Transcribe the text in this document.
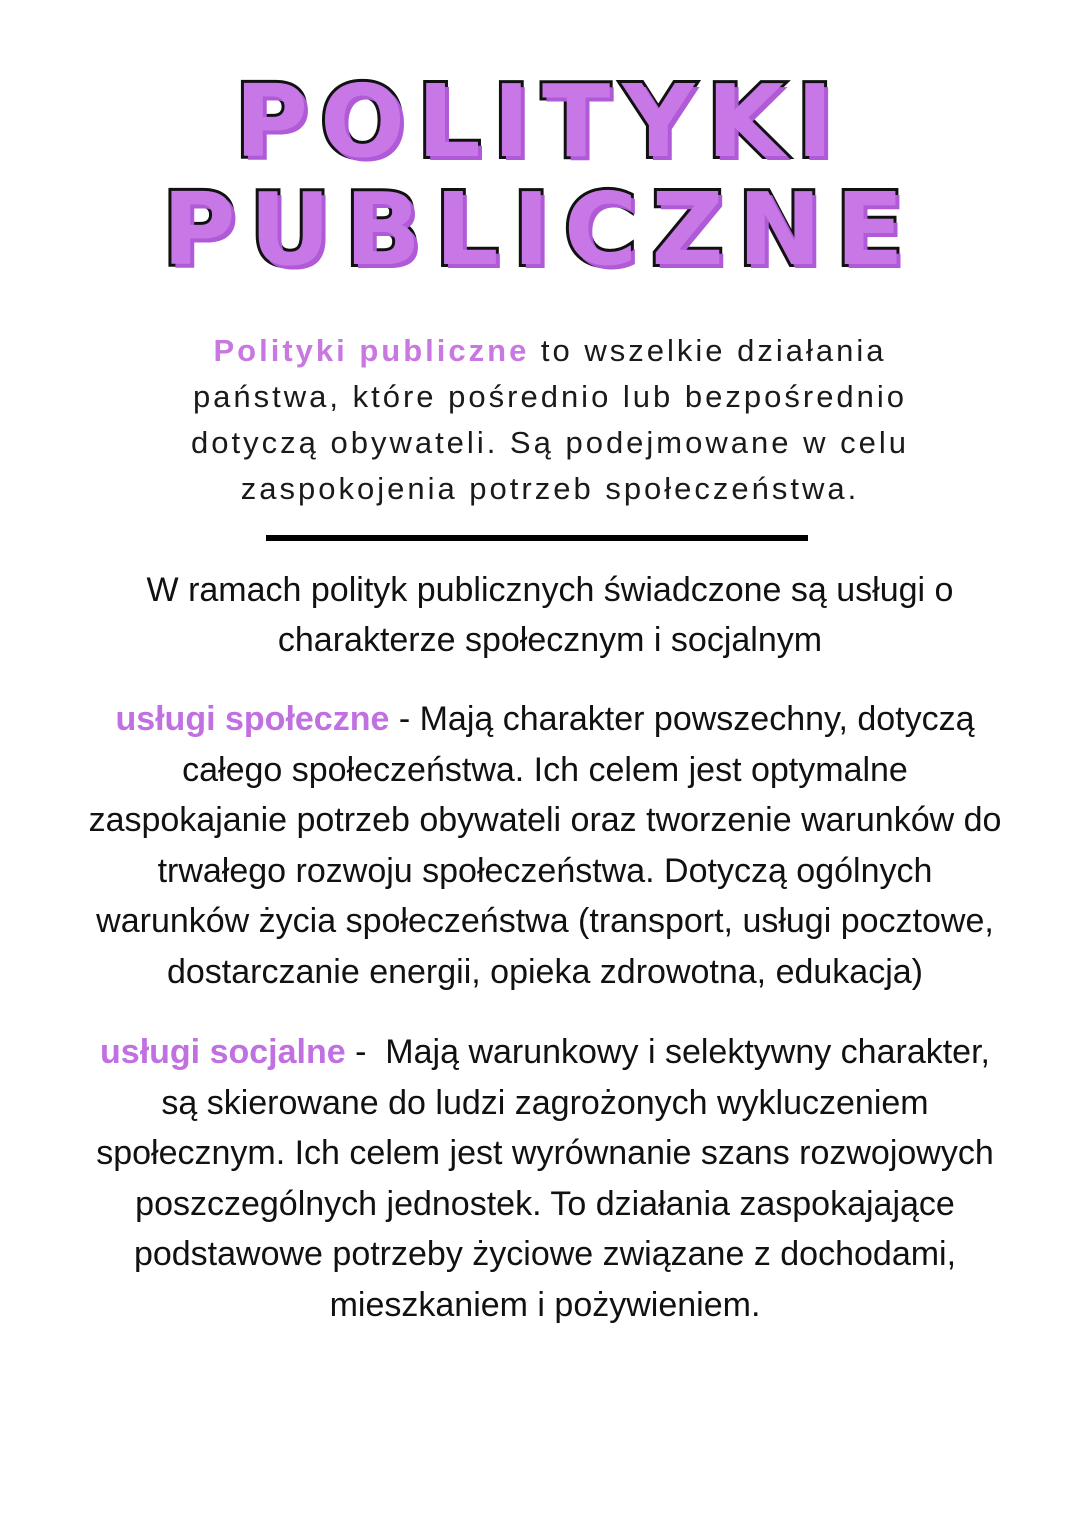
POLITYKI
PUBLICZNE

Polityki publiczne to wszelkie działania
państwa, które pośrednio lub bezpośrednio
dotyczą obywateli. Są podejmowane w celu
zaspokojenia potrzeb społeczeństwa.

W ramach polityk publicznych świadczone są usługi o
charakterze społecznym i socjalnym

usługi społeczne - Mają charakter powszechny, dotyczą
całego społeczeństwa. Ich celem jest optymalne
zaspokajanie potrzeb obywateli oraz tworzenie warunków do
trwałego rozwoju społeczeństwa. Dotyczą ogólnych
warunków życia społeczeństwa (transport, usługi pocztowe,
dostarczanie energii, opieka zdrowotna, edukacja)

usługi socjalne -  Mają warunkowy i selektywny charakter,
są skierowane do ludzi zagrożonych wykluczeniem
społecznym. Ich celem jest wyrównanie szans rozwojowych
poszczególnych jednostek. To działania zaspokajające
podstawowe potrzeby życiowe związane z dochodami,
mieszkaniem i pożywieniem.
